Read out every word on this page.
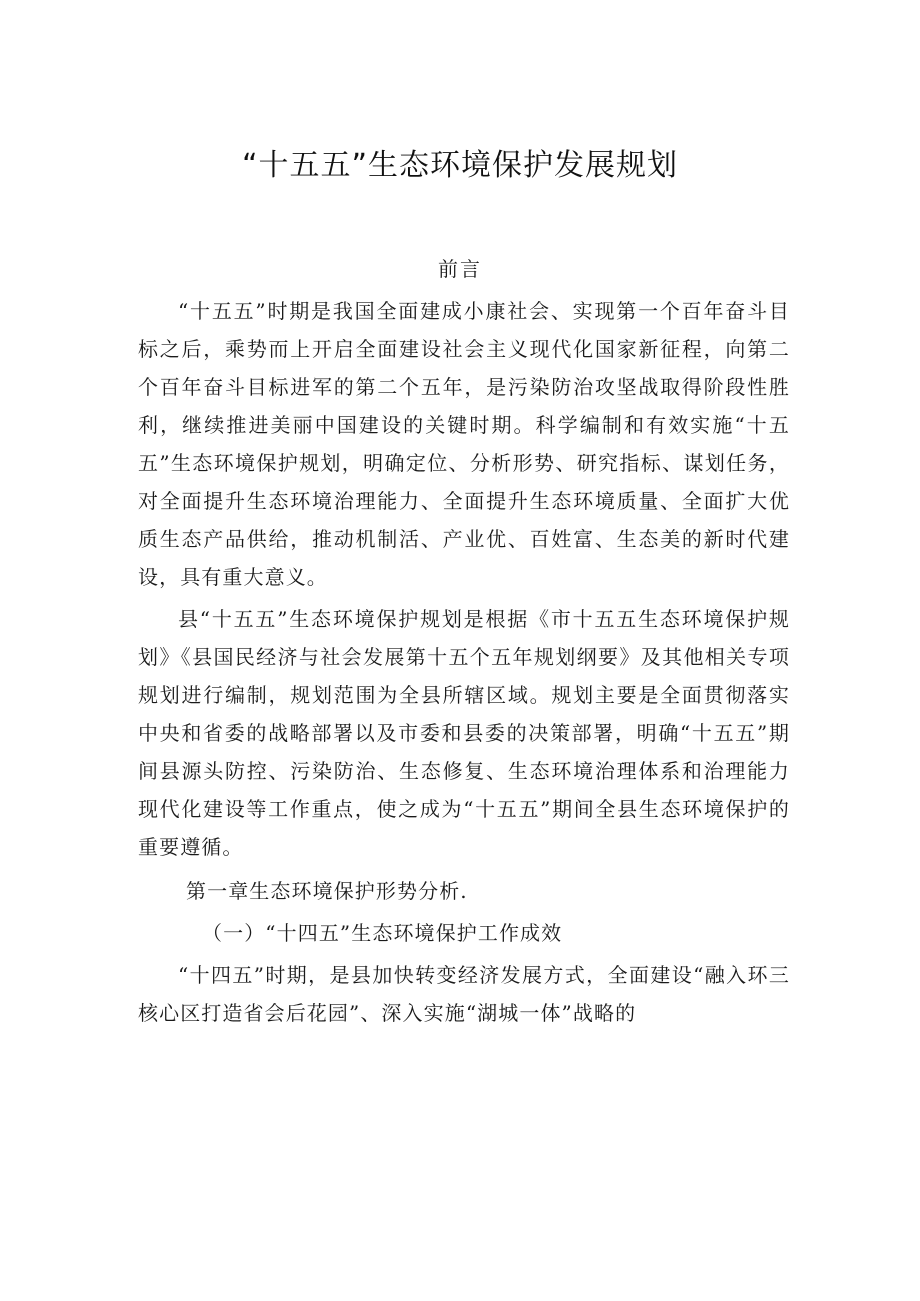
“十五五”生态环境保护发展规划
前言

“十五五”时期是我国全面建成小康社会、实现第一个百年奋斗目标之后，乘势而上开启全面建设社会主义现代化国家新征程，向第二个百年奋斗目标进军的第二个五年，是污染防治攻坚战取得阶段性胜利，继续推进美丽中国建设的关键时期。科学编制和有效实施“十五五”生态环境保护规划，明确定位、分析形势、研究指标、谋划任务，对全面提升生态环境治理能力、全面提升生态环境质量、全面扩大优质生态产品供给，推动机制活、产业优、百姓富、生态美的新时代建设，具有重大意义。

县“十五五”生态环境保护规划是根据《市十五五生态环境保护规划》《县国民经济与社会发展第十五个五年规划纲要》及其他相关专项规划进行编制，规划范围为全县所辖区域。规划主要是全面贯彻落实中央和省委的战略部署以及市委和县委的决策部署，明确“十五五”期间县源头防控、污染防治、生态修复、生态环境治理体系和治理能力现代化建设等工作重点，使之成为“十五五”期间全县生态环境保护的重要遵循。

第一章生态环境保护形势分析.

（一）“十四五”生态环境保护工作成效

“十四五”时期，是县加快转变经济发展方式，全面建设“融入环三核心区打造省会后花园”、深入实施“湖城一体”战略的
